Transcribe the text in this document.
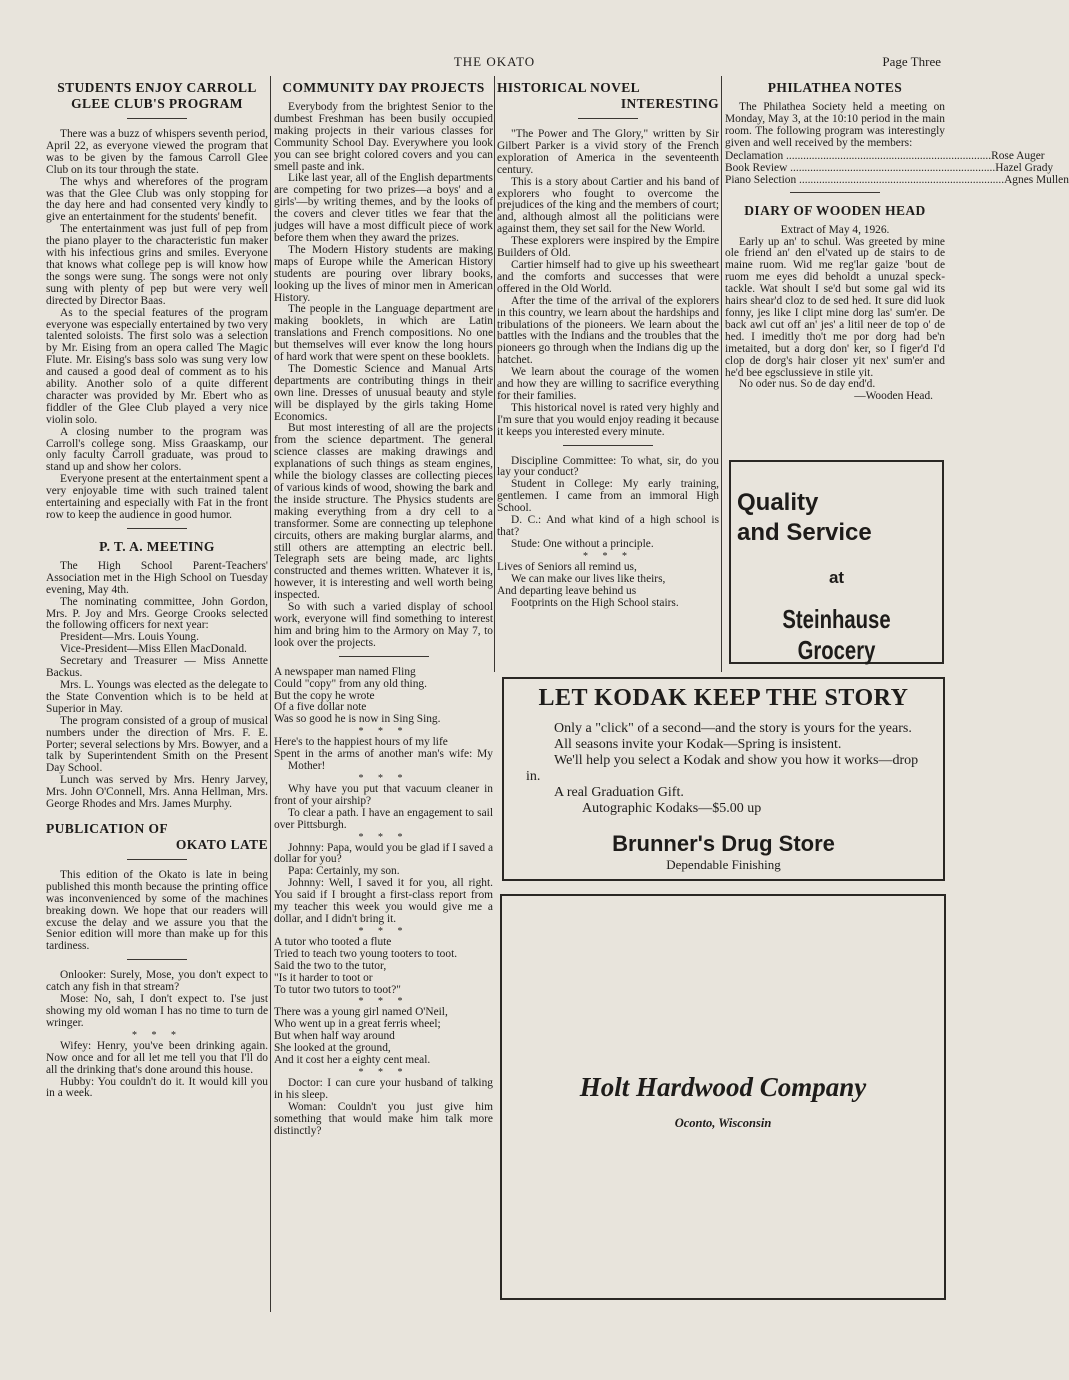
THE OKATO	Page Three
STUDENTS ENJOY CARROLL
GLEE CLUB'S PROGRAM

There was a buzz of whispers seventh period, April 22, as everyone viewed the program that was to be given by the famous Carroll Glee Club on its tour through the state.

The whys and wherefores of the program was that the Glee Club was only stopping for the day here and had consented very kindly to give an entertainment for the students' benefit.

The entertainment was just full of pep from the piano player to the characteristic fun maker with his infectious grins and smiles. Everyone that knows what college pep is will know how the songs were sung. The songs were not only sung with plenty of pep but were very well directed by Director Baas.

As to the special features of the program everyone was especially entertained by two very talented soloists. The first solo was a selection by Mr. Eising from an opera called The Magic Flute. Mr. Eising's bass solo was sung very low and caused a good deal of comment as to his ability. Another solo of a quite different character was provided by Mr. Ebert who as fiddler of the Glee Club played a very nice violin solo.

A closing number to the program was Carroll's college song. Miss Graaskamp, our only faculty Carroll graduate, was proud to stand up and show her colors.

Everyone present at the entertainment spent a very enjoyable time with such trained talent entertaining and especially with Fat in the front row to keep the audience in good humor.

P. T. A. MEETING

The High School Parent-Teachers' Association met in the High School on Tuesday evening, May 4th.

The nominating committee, John Gordon, Mrs. P. Joy and Mrs. George Crooks selected the following officers for next year:

President—Mrs. Louis Young.

Vice-President—Miss Ellen MacDonald.

Secretary and Treasurer — Miss Annette Backus.

Mrs. L. Youngs was elected as the delegate to the State Convention which is to be held at Superior in May.

The program consisted of a group of musical numbers under the direction of Mrs. F. E. Porter; several selections by Mrs. Bowyer, and a talk by Superintendent Smith on the Present Day School.

Lunch was served by Mrs. Henry Jarvey, Mrs. John O'Connell, Mrs. Anna Hellman, Mrs. George Rhodes and Mrs. James Murphy.

PUBLICATION OF
OKATO LATE

This edition of the Okato is late in being published this month because the printing office was inconvenienced by some of the machines breaking down. We hope that our readers will excuse the delay and we assure you that the Senior edition will more than make up for this tardiness.

Onlooker: Surely, Mose, you don't expect to catch any fish in that stream?

Mose: No, sah, I don't expect to. I'se just showing my old woman I has no time to turn de wringer.

* * *

Wifey: Henry, you've been drinking again. Now once and for all let me tell you that I'll do all the drinking that's done around this house.

Hubby: You couldn't do it. It would kill you in a week.

COMMUNITY DAY PROJECTS

Everybody from the brightest Senior to the dumbest Freshman has been busily occupied making projects in their various classes for Community School Day. Everywhere you look you can see bright colored covers and you can smell paste and ink.

Like last year, all of the English departments are competing for two prizes—a boys' and a girls'—by writing themes, and by the looks of the covers and clever titles we fear that the judges will have a most difficult piece of work before them when they award the prizes.

The Modern History students are making maps of Europe while the American History students are pouring over library books, looking up the lives of minor men in American History.

The people in the Language department are making booklets, in which are Latin translations and French compositions. No one but themselves will ever know the long hours of hard work that were spent on these booklets.

The Domestic Science and Manual Arts departments are contributing things in their own line. Dresses of unusual beauty and style will be displayed by the girls taking Home Economics.

But most interesting of all are the projects from the science department. The general science classes are making drawings and explanations of such things as steam engines, while the biology classes are collecting pieces of various kinds of wood, showing the bark and the inside structure. The Physics students are making everything from a dry cell to a transformer. Some are connecting up telephone circuits, others are making burglar alarms, and still others are attempting an electric bell. Telegraph sets are being made, arc lights constructed and themes written. Whatever it is, however, it is interesting and well worth being inspected.

So with such a varied display of school work, everyone will find something to interest him and bring him to the Armory on May 7, to look over the projects.

A newspaper man named Fling

Could "copy" from any old thing.

But the copy he wrote

Of a five dollar note

Was so good he is now in Sing Sing.

* * *

Here's to the happiest hours of my life

Spent in the arms of another man's wife: My Mother!

* * *

Why have you put that vacuum cleaner in front of your airship?

To clear a path. I have an engagement to sail over Pittsburgh.

* * *

Johnny: Papa, would you be glad if I saved a dollar for you?

Papa: Certainly, my son.

Johnny: Well, I saved it for you, all right. You said if I brought a first-class report from my teacher this week you would give me a dollar, and I didn't bring it.

* * *

A tutor who tooted a flute

Tried to teach two young tooters to toot.

Said the two to the tutor,

"Is it harder to toot or

To tutor two tutors to toot?"

* * *

There was a young girl named O'Neil,

Who went up in a great ferris wheel;

But when half way around

She looked at the ground,

And it cost her a eighty cent meal.

* * *

Doctor: I can cure your husband of talking in his sleep.

Woman: Couldn't you just give him something that would make him talk more distinctly?

HISTORICAL NOVEL
INTERESTING

"The Power and The Glory," written by Sir Gilbert Parker is a vivid story of the French exploration of America in the seventeenth century.

This is a story about Cartier and his band of explorers who fought to overcome the prejudices of the king and the members of court; and, although almost all the politicians were against them, they set sail for the New World.

These explorers were inspired by the Empire Builders of Old.

Cartier himself had to give up his sweetheart and the comforts and successes that were offered in the Old World.

After the time of the arrival of the explorers in this country, we learn about the hardships and tribulations of the pioneers. We learn about the battles with the Indians and the troubles that the pioneers go through when the Indians dig up the hatchet.

We learn about the courage of the women and how they are willing to sacrifice everything for their families.

This historical novel is rated very highly and I'm sure that you would enjoy reading it because it keeps you interested every minute.

Discipline Committee: To what, sir, do you lay your conduct?

Student in College: My early training, gentlemen. I came from an immoral High School.

D. C.: And what kind of a high school is that?

Stude: One without a principle.

* * *

Lives of Seniors all remind us,

We can make our lives like theirs,

And departing leave behind us

Footprints on the High School stairs.

PHILATHEA NOTES

The Philathea Society held a meeting on Monday, May 3, at the 10:10 period in the main room. The following program was interestingly given and well received by the members:

Declamation ........................................................................ Rose Auger
Book Review ........................................................................ Hazel Grady
Piano Selection ........................................................................ Agnes Mullen
DIARY OF WOODEN HEAD

Extract of May 4, 1926.

Early up an' to schul. Was greeted by mine ole friend an' den el'vated up de stairs to de maine ruom. Wid me reg'lar gaize 'bout de ruom me eyes did beholdt a unuzal speck-tackle. Wat shoult I se'd but some gal wid its hairs shear'd cloz to de sed hed. It sure did luok fonny, jes like I clipt mine dorg las' sum'er. De back awl cut off an' jes' a litil neer de top o' de hed. I imeditly tho't me por dorg had be'n imetaited, but a dorg don' ker, so I figer'd I'd clop de dorg's hair closer yit nex' sum'er and he'd bee egsclussieve in stile yit.

No oder nus. So de day end'd.

—Wooden Head.

Quality
and Service
at
Steinhause Grocery
LET KODAK KEEP THE STORY
Only a "click" of a second—and the story is yours for the years.
All seasons invite your Kodak—Spring is insistent.
We'll help you select a Kodak and show you how it works—drop in.
A real Graduation Gift.
Autographic Kodaks—$5.00 up
Brunner's Drug Store
Dependable Finishing
Holt Hardwood Company
Oconto, Wisconsin
